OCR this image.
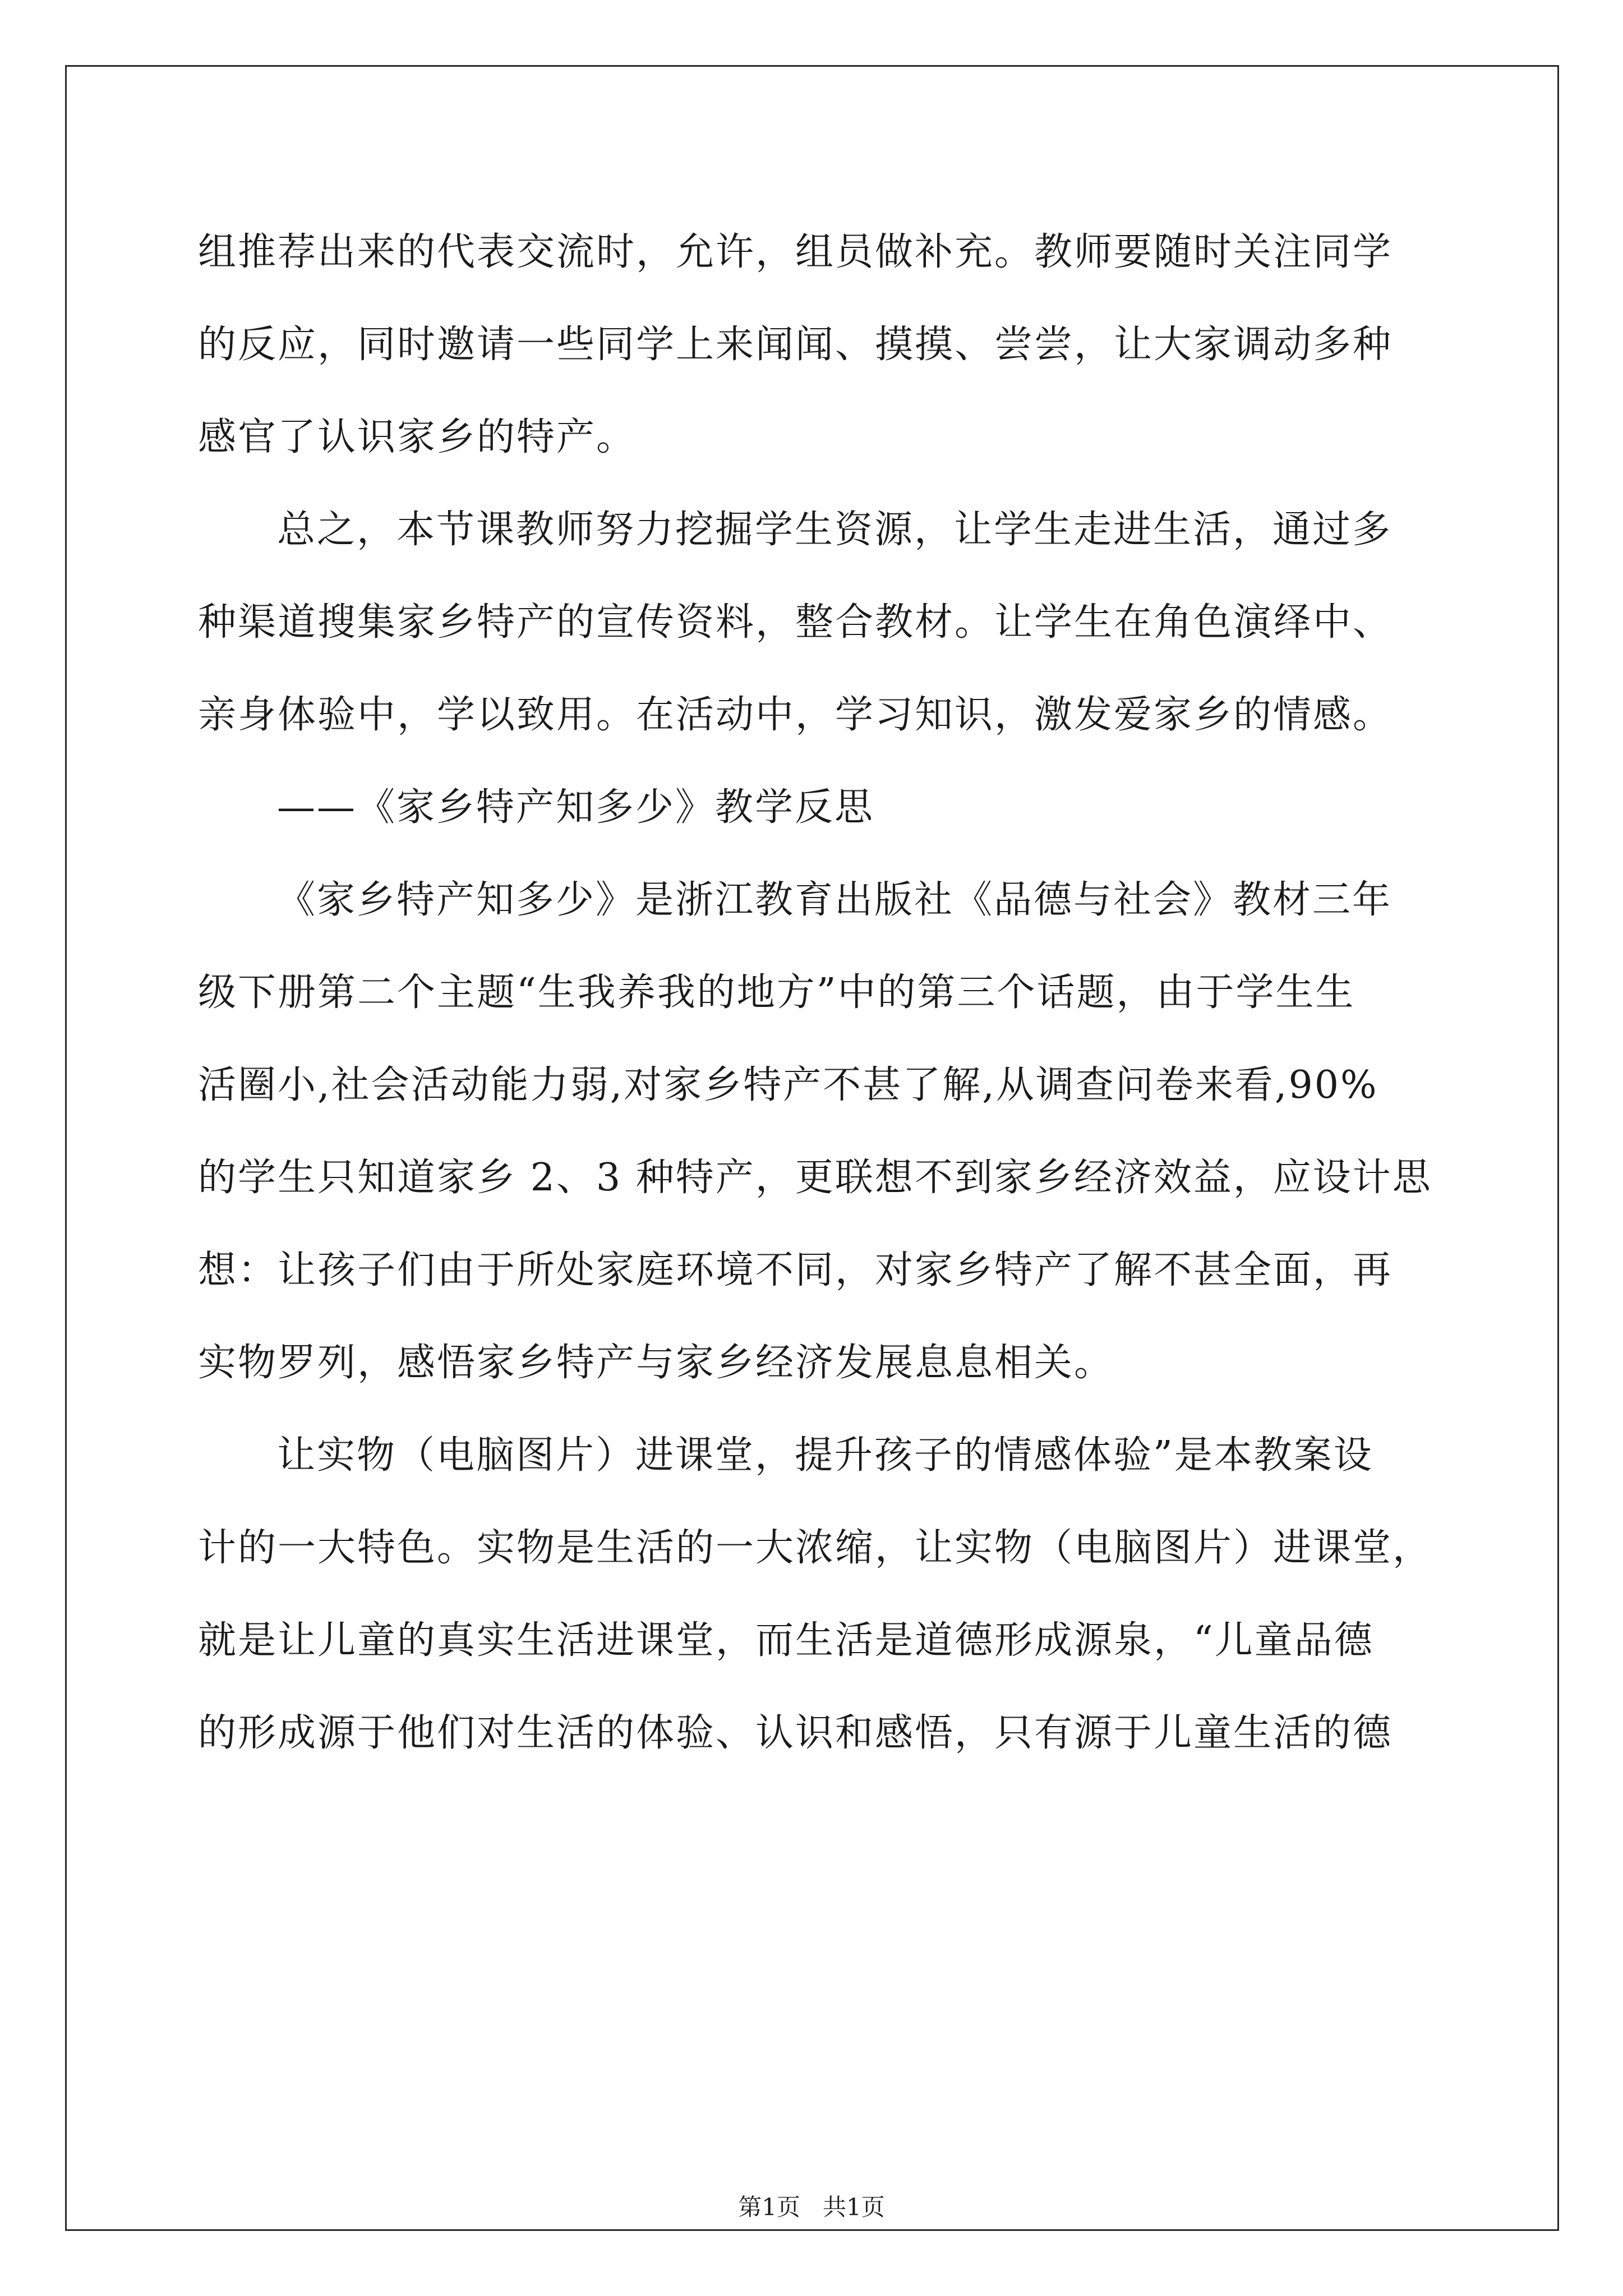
组推荐出来的代表交流时，允许，组员做补充。教师要随时关注同学
的反应，同时邀请一些同学上来闻闻、摸摸、尝尝，让大家调动多种
感官了认识家乡的特产。
总之，本节课教师努力挖掘学生资源，让学生走进生活，通过多
种渠道搜集家乡特产的宣传资料，整合教材。让学生在角色演绎中、
亲身体验中，学以致用。在活动中，学习知识，激发爱家乡的情感。
——《家乡特产知多少》教学反思
《家乡特产知多少》是浙江教育出版社《品德与社会》教材三年
级下册第二个主题“生我养我的地方”中的第三个话题，由于学生生
活圈小,社会活动能力弱,对家乡特产不甚了解,从调查问卷来看,90%
的学生只知道家乡 2、3 种特产，更联想不到家乡经济效益，应设计思
想：让孩子们由于所处家庭环境不同，对家乡特产了解不甚全面，再
实物罗列，感悟家乡特产与家乡经济发展息息相关。
让实物（电脑图片）进课堂，提升孩子的情感体验”是本教案设
计的一大特色。实物是生活的一大浓缩，让实物（电脑图片）进课堂，
就是让儿童的真实生活进课堂，而生活是道德形成源泉，“儿童品德
的形成源于他们对生活的体验、认识和感悟，只有源于儿童生活的德
第1页   共1页
